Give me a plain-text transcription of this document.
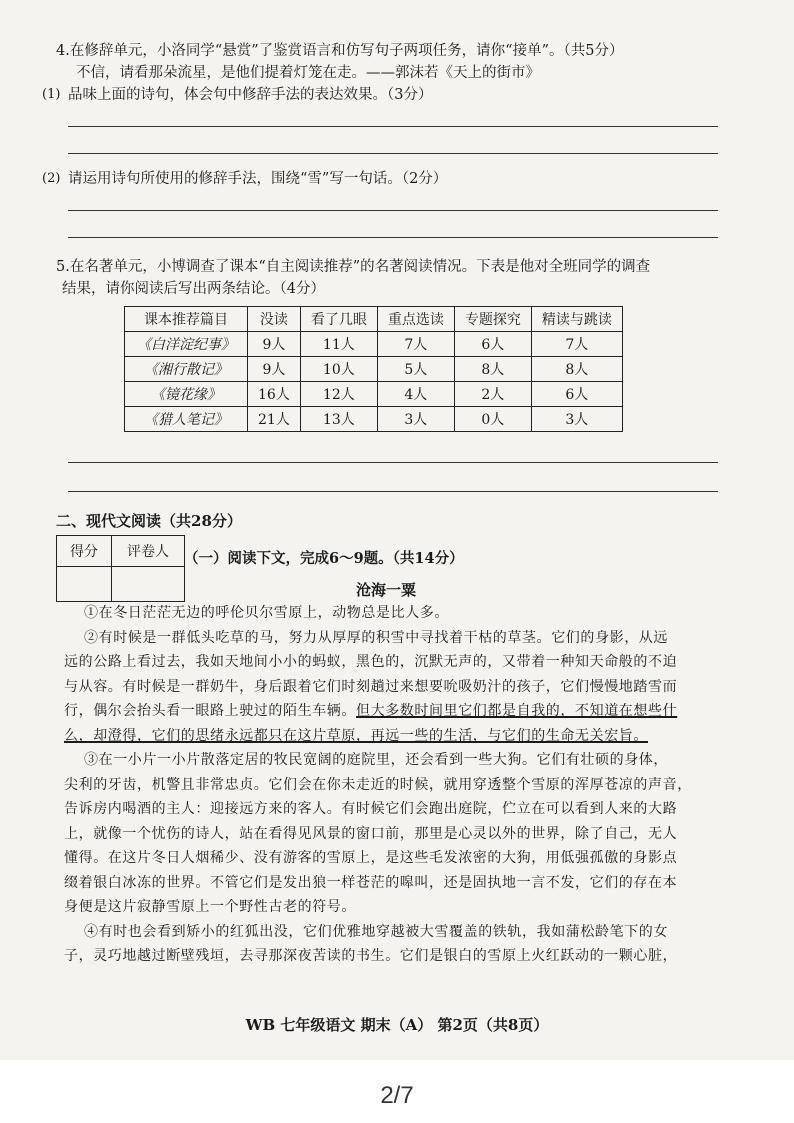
4.在修辞单元，小洛同学“悬赏”了鉴赏语言和仿写句子两项任务，请你“接单”。（共5分）
不信，请看那朵流星，是他们提着灯笼在走。——郭沫若《天上的街市》
(1) 品味上面的诗句，体会句中修辞手法的表达效果。（3分）
(2) 请运用诗句所使用的修辞手法，围绕“雪”写一句话。（2分）
5.在名著单元，小博调查了课本“自主阅读推荐”的名著阅读情况。下表是他对全班同学的调查
结果，请你阅读后写出两条结论。（4分）
课本推荐篇目	没读	看了几眼	重点选读	专题探究	精读与跳读
《白洋淀纪事》	9人	11人	7人	6人	7人
《湘行散记》	9人	10人	5人	8人	8人
《镜花缘》	16人	12人	4人	2人	6人
《猎人笔记》	21人	13人	3人	0人	3人
二、现代文阅读（共28分）
得分	评卷人
	（一）阅读下文，完成6～9题。（共14分）
沧海一粟
①在冬日茫茫无边的呼伦贝尔雪原上，动物总是比人多。
②有时候是一群低头吃草的马，努力从厚厚的积雪中寻找着干枯的草茎。它们的身影，从远
远的公路上看过去，我如天地间小小的蚂蚁，黑色的，沉默无声的，又带着一种知天命般的不迫
与从容。有时候是一群奶牛，身后跟着它们时刻趟过来想要吮吸奶汁的孩子，它们慢慢地踏雪而
行，偶尔会抬头看一眼路上驶过的陌生车辆。但大多数时间里它们都是自我的，不知道在想些什
么，却澄得，它们的思绪永远都只在这片草原，再远一些的生活，与它们的生命无关宏旨。
③在一小片一小片散落定居的牧民宽阔的庭院里，还会看到一些大狗。它们有壮硕的身体，
尖利的牙齿，机警且非常忠贞。它们会在你未走近的时候，就用穿透整个雪原的浑厚苍凉的声音，
告诉房内喝酒的主人：迎接远方来的客人。有时候它们会跑出庭院，伫立在可以看到人来的大路
上，就像一个忧伤的诗人，站在看得见风景的窗口前，那里是心灵以外的世界，除了自己，无人
懂得。在这片冬日人烟稀少、没有游客的雪原上，是这些毛发浓密的大狗，用低强孤傲的身影点
缀着银白冰冻的世界。不管它们是发出狼一样苍茫的嗥叫，还是固执地一言不发，它们的存在本
身便是这片寂静雪原上一个野性古老的符号。
④有时也会看到矫小的红狐出没，它们优雅地穿越被大雪覆盖的铁轨，我如蒲松龄笔下的女
子，灵巧地越过断壁残垣，去寻那深夜苦读的书生。它们是银白的雪原上火红跃动的一颗心脏，
WB 七年级语文 期末（A） 第2页（共8页）
2/7
